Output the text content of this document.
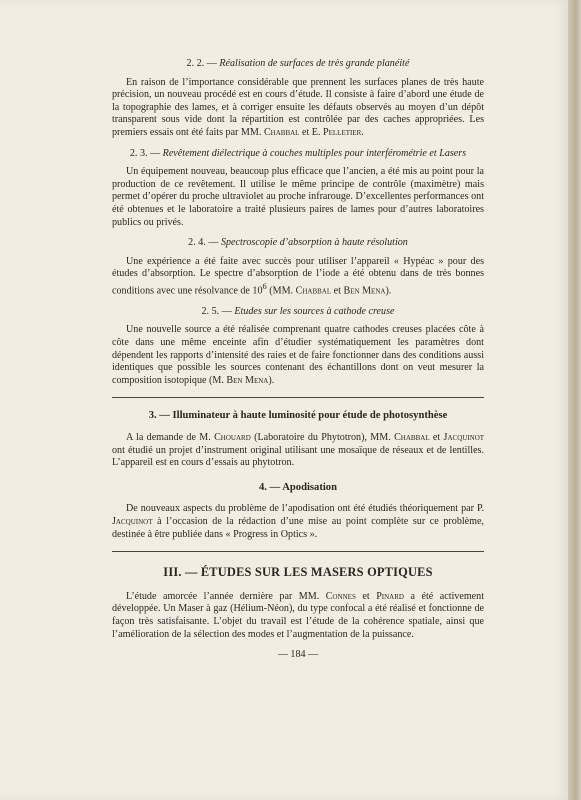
2. 2. — Réalisation de surfaces de très grande planéité

En raison de l’importance considérable que prennent les surfaces planes de très haute précision, un nouveau procédé est en cours d’étude. Il consiste à faire d’abord une étude de la topographie des lames, et à corriger ensuite les défauts observés au moyen d’un dépôt transparent sous vide dont la répartition est contrôlée par des caches appropriées. Les premiers essais ont été faits par MM. Chabbal et E. Pelletier.

2. 3. — Revêtement diélectrique à couches multiples pour interférométrie et Lasers

Un équipement nouveau, beaucoup plus efficace que l’ancien, a été mis au point pour la production de ce revêtement. Il utilise le même principe de contrôle (maximètre) mais permet d’opérer du proche ultraviolet au proche infrarouge. D’excellentes performances ont été obtenues et le laboratoire a traité plusieurs paires de lames pour d’autres laboratoires publics ou privés.

2. 4. — Spectroscopie d’absorption à haute résolution

Une expérience a été faite avec succès pour utiliser l’appareil « Hypéac » pour des études d’absorption. Le spectre d’absorption de l’iode a été obtenu dans de très bonnes conditions avec une résolvance de $10^6$ (MM. Chabbal et Ben Mena).

2. 5. — Etudes sur les sources à cathode creuse

Une nouvelle source a été réalisée comprenant quatre cathodes creuses placées côte à côte dans une même enceinte afin d’étudier systématiquement les paramètres dont dépendent les rapports d’intensité des raies et de faire fonctionner dans des conditions aussi identiques que possible les sources contenant des échantillons dont on veut mesurer la composition isotopique (M. Ben Mena).

3. — Illuminateur à haute luminosité pour étude de photosynthèse

A la demande de M. Chouard (Laboratoire du Phytotron), MM. Chabbal et Jacquinot ont étudié un projet d’instrument original utilisant une mosaïque de réseaux et de lentilles. L’appareil est en cours d’essais au phytotron.

4. — Apodisation

De nouveaux aspects du problème de l’apodisation ont été étudiés théoriquement par P. Jacquinot à l’occasion de la rédaction d’une mise au point complète sur ce problème, destinée à être publiée dans « Progress in Optics ».

III. — ÉTUDES SUR LES MASERS OPTIQUES

L’étude amorcée l’année dernière par MM. Connes et Pinard a été activement développée. Un Maser à gaz (Hélium-Néon), du type confocal a été réalisé et fonctionne de façon très satisfaisante. L’objet du travail est l’étude de la cohérence spatiale, ainsi que l’amélioration de la sélection des modes et l’augmentation de la puissance.

— 184 —
